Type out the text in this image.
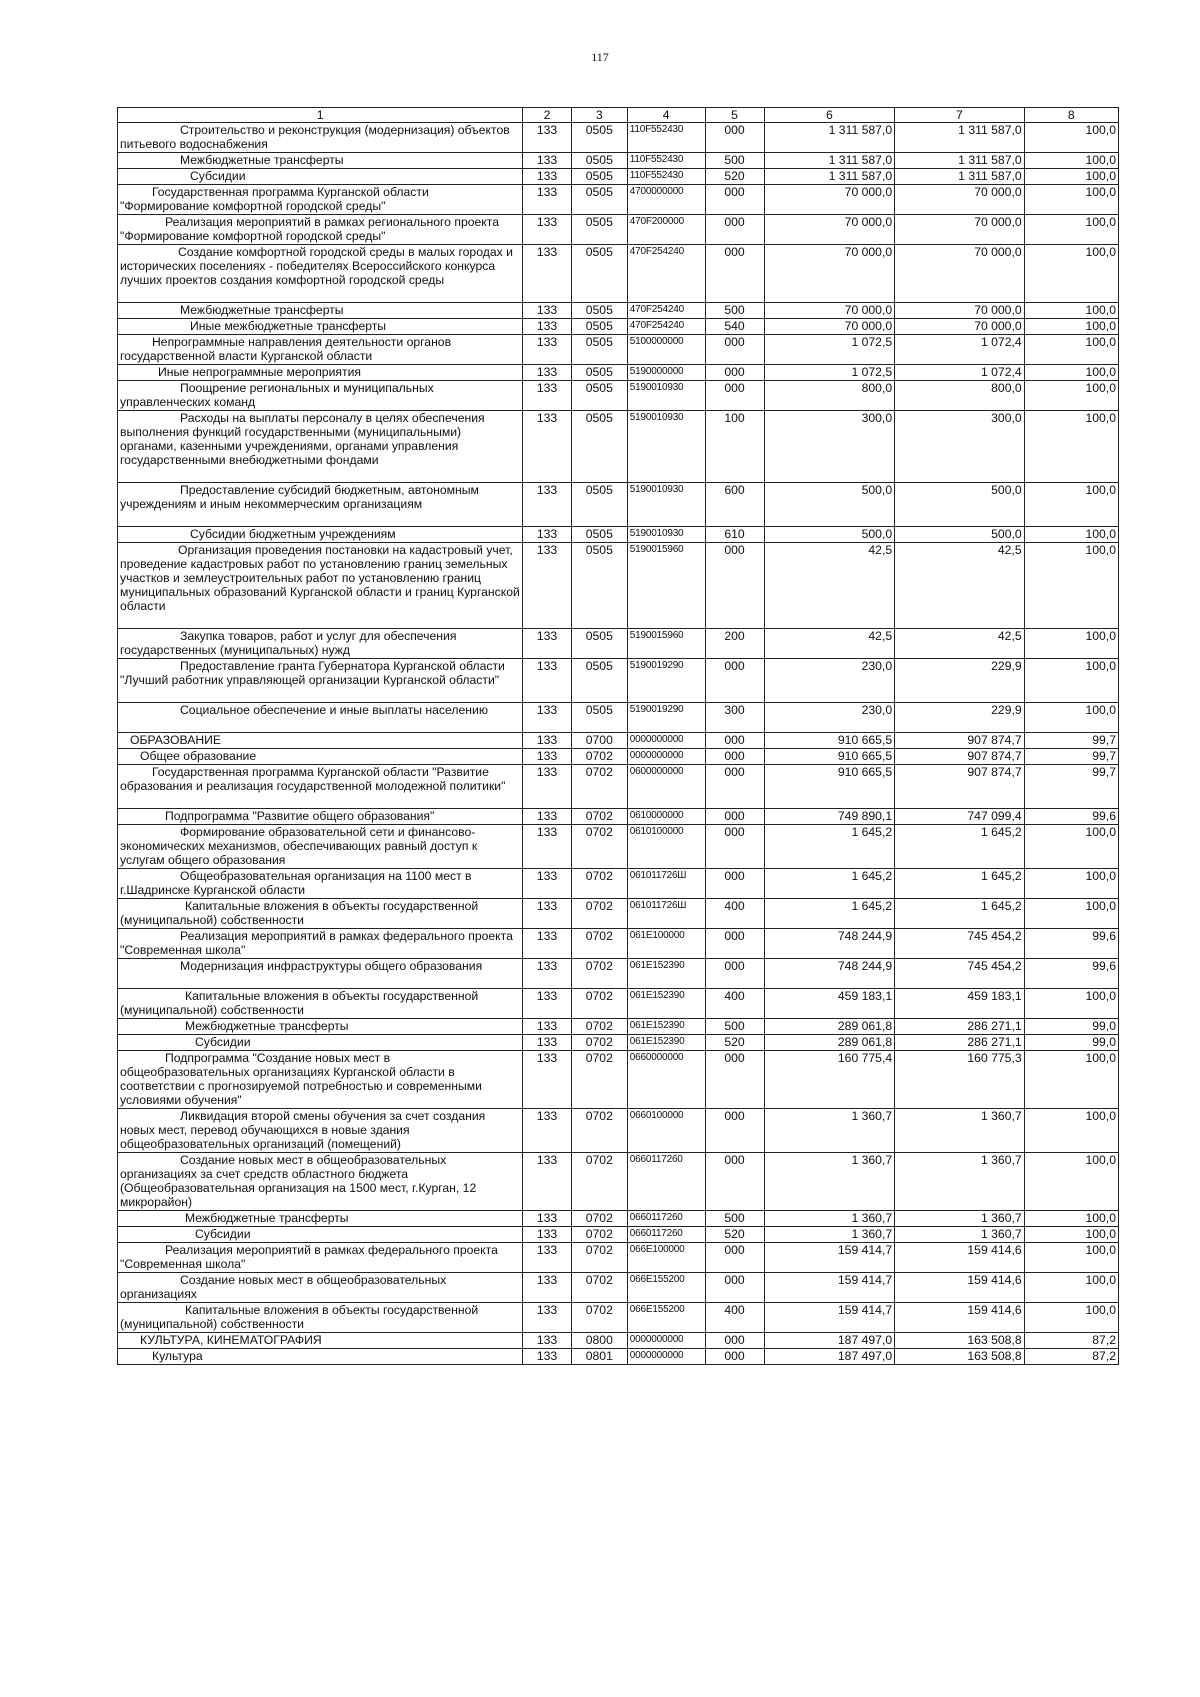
117
1	2	3	4	5	6	7	8
Строительство и реконструкция (модернизация) объектов питьевого водоснабжения	133	0505	110F552430	000	1 311 587,0	1 311 587,0	100,0
Межбюджетные трансферты	133	0505	110F552430	500	1 311 587,0	1 311 587,0	100,0
Субсидии	133	0505	110F552430	520	1 311 587,0	1 311 587,0	100,0
Государственная программа Курганской области "Формирование комфортной городской среды"	133	0505	4700000000	000	70 000,0	70 000,0	100,0
Реализация мероприятий в рамках регионального проекта "Формирование комфортной городской среды"	133	0505	470F200000	000	70 000,0	70 000,0	100,0
Создание комфортной городской среды в малых городах и исторических поселениях - победителях Всероссийского конкурса лучших проектов создания комфортной городской среды	133	0505	470F254240	000	70 000,0	70 000,0	100,0
Межбюджетные трансферты	133	0505	470F254240	500	70 000,0	70 000,0	100,0
Иные межбюджетные трансферты	133	0505	470F254240	540	70 000,0	70 000,0	100,0
Непрограммные направления деятельности органов государственной власти Курганской области	133	0505	5100000000	000	1 072,5	1 072,4	100,0
Иные непрограммные мероприятия	133	0505	5190000000	000	1 072,5	1 072,4	100,0
Поощрение региональных и муниципальных управленческих команд	133	0505	5190010930	000	800,0	800,0	100,0
Расходы на выплаты персоналу в целях обеспечения выполнения функций государственными (муниципальными) органами, казенными учреждениями, органами управления государственными внебюджетными фондами	133	0505	5190010930	100	300,0	300,0	100,0
Предоставление субсидий бюджетным, автономным учреждениям и иным некоммерческим организациям	133	0505	5190010930	600	500,0	500,0	100,0
Субсидии бюджетным учреждениям	133	0505	5190010930	610	500,0	500,0	100,0
Организация проведения постановки на кадастровый учет, проведение кадастровых работ по установлению границ земельных участков и землеустроительных работ по установлению границ муниципальных образований Курганской области и границ Курганской области	133	0505	5190015960	000	42,5	42,5	100,0
Закупка товаров, работ и услуг для обеспечения государственных (муниципальных) нужд	133	0505	5190015960	200	42,5	42,5	100,0
Предоставление гранта Губернатора Курганской области "Лучший работник управляющей организации Курганской области"	133	0505	5190019290	000	230,0	229,9	100,0
Социальное обеспечение и иные выплаты населению	133	0505	5190019290	300	230,0	229,9	100,0
ОБРАЗОВАНИЕ	133	0700	0000000000	000	910 665,5	907 874,7	99,7
Общее образование	133	0702	0000000000	000	910 665,5	907 874,7	99,7
Государственная программа Курганской области "Развитие образования и реализация государственной молодежной политики"	133	0702	0600000000	000	910 665,5	907 874,7	99,7
Подпрограмма "Развитие общего образования"	133	0702	0610000000	000	749 890,1	747 099,4	99,6
Формирование образовательной сети и финансово-экономических механизмов, обеспечивающих равный доступ к услугам общего образования	133	0702	0610100000	000	1 645,2	1 645,2	100,0
Общеобразовательная организация на 1100 мест в г.Шадринске Курганской области	133	0702	061011726Ш	000	1 645,2	1 645,2	100,0
Капитальные вложения в объекты государственной (муниципальной) собственности	133	0702	061011726Ш	400	1 645,2	1 645,2	100,0
Реализация мероприятий в рамках федерального проекта "Современная школа"	133	0702	061E100000	000	748 244,9	745 454,2	99,6
Модернизация инфраструктуры общего образования	133	0702	061E152390	000	748 244,9	745 454,2	99,6
Капитальные вложения в объекты государственной (муниципальной) собственности	133	0702	061E152390	400	459 183,1	459 183,1	100,0
Межбюджетные трансферты	133	0702	061E152390	500	289 061,8	286 271,1	99,0
Субсидии	133	0702	061E152390	520	289 061,8	286 271,1	99,0
Подпрограмма "Создание новых мест в общеобразовательных организациях Курганской области в соответствии с прогнозируемой потребностью и современными условиями обучения"	133	0702	0660000000	000	160 775,4	160 775,3	100,0
Ликвидация второй смены обучения за счет создания новых мест, перевод обучающихся в новые здания общеобразовательных организаций (помещений)	133	0702	0660100000	000	1 360,7	1 360,7	100,0
Создание новых мест в общеобразовательных организациях за счет средств областного бюджета (Общеобразовательная организация на 1500 мест, г.Курган, 12 микрорайон)	133	0702	0660117260	000	1 360,7	1 360,7	100,0
Межбюджетные трансферты	133	0702	0660117260	500	1 360,7	1 360,7	100,0
Субсидии	133	0702	0660117260	520	1 360,7	1 360,7	100,0
Реализация мероприятий в рамках федерального проекта "Современная школа"	133	0702	066E100000	000	159 414,7	159 414,6	100,0
Создание новых мест в общеобразовательных организациях	133	0702	066E155200	000	159 414,7	159 414,6	100,0
Капитальные вложения в объекты государственной (муниципальной) собственности	133	0702	066E155200	400	159 414,7	159 414,6	100,0
КУЛЬТУРА, КИНЕМАТОГРАФИЯ	133	0800	0000000000	000	187 497,0	163 508,8	87,2
Культура	133	0801	0000000000	000	187 497,0	163 508,8	87,2
